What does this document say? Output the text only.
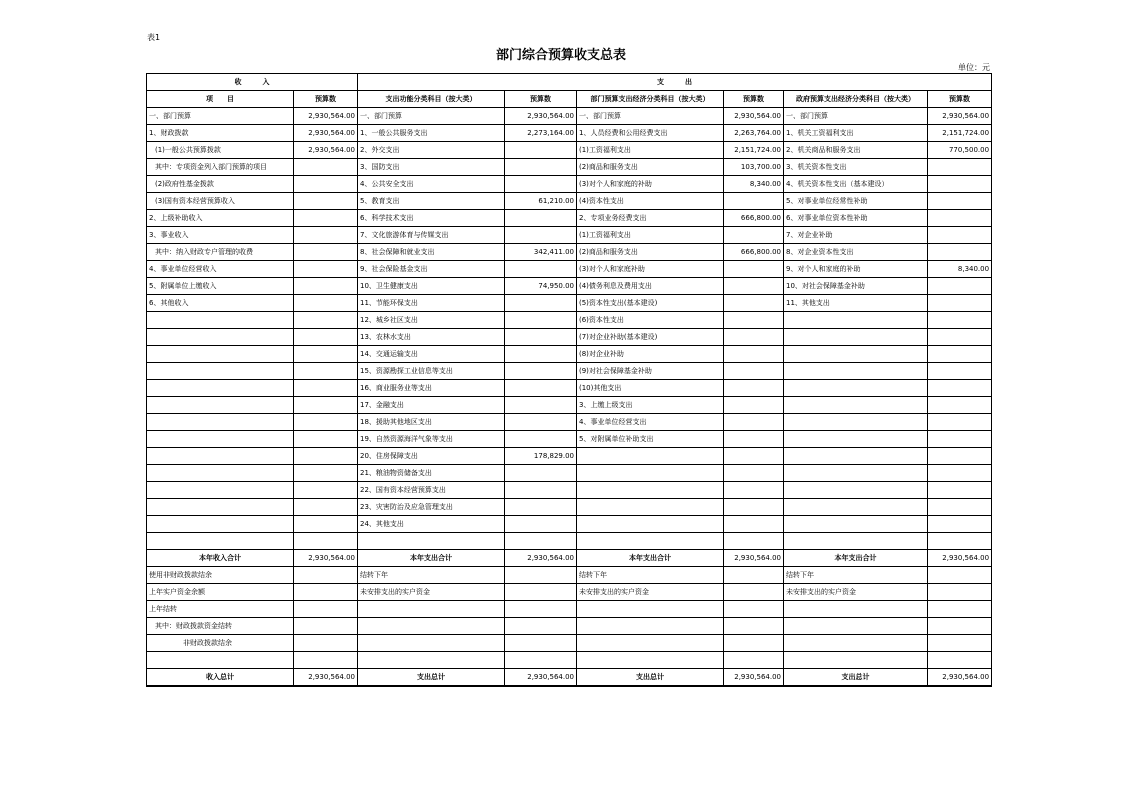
表1
部门综合预算收支总表
单位：元
收　　　入		支　　　出					
项　　目	预算数	支出功能分类科目（按大类）	预算数	部门预算支出经济分类科目（按大类）	预算数	政府预算支出经济分类科目（按大类）	预算数
一、部门预算	2,930,564.00	一、部门预算	2,930,564.00	一、部门预算	2,930,564.00	一、部门预算	2,930,564.00
1、财政拨款	2,930,564.00	1、一般公共服务支出	2,273,164.00	1、人员经费和公用经费支出	2,263,764.00	1、机关工资福利支出	2,151,724.00
(1)一般公共预算拨款	2,930,564.00	2、外交支出		(1)工资福利支出	2,151,724.00	2、机关商品和服务支出	770,500.00
其中：专项资金列入部门预算的项目		3、国防支出		(2)商品和服务支出	103,700.00	3、机关资本性支出	
(2)政府性基金拨款		4、公共安全支出		(3)对个人和家庭的补助	8,340.00	4、机关资本性支出（基本建设）	
(3)国有资本经营预算收入		5、教育支出	61,210.00	(4)资本性支出		5、对事业单位经常性补助	
2、上级补助收入		6、科学技术支出		2、专项业务经费支出	666,800.00	6、对事业单位资本性补助	
3、事业收入		7、文化旅游体育与传媒支出		(1)工资福利支出		7、对企业补助	
其中：纳入财政专户管理的收费		8、社会保障和就业支出	342,411.00	(2)商品和服务支出	666,800.00	8、对企业资本性支出	
4、事业单位经营收入		9、社会保险基金支出		(3)对个人和家庭补助		9、对个人和家庭的补助	8,340.00
5、附属单位上缴收入		10、卫生健康支出	74,950.00	(4)债务利息及费用支出		10、对社会保障基金补助	
6、其他收入		11、节能环保支出		(5)资本性支出(基本建设)		11、其他支出	
		12、城乡社区支出		(6)资本性支出			
		13、农林水支出		(7)对企业补助(基本建设)			
		14、交通运输支出		(8)对企业补助			
		15、资源勘探工业信息等支出		(9)对社会保障基金补助			
		16、商业服务业等支出		(10)其他支出			
		17、金融支出		3、上缴上级支出			
		18、援助其他地区支出		4、事业单位经营支出			
		19、自然资源海洋气象等支出		5、对附属单位补助支出			
		20、住房保障支出	178,829.00				
		21、粮油物资储备支出					
		22、国有资本经营预算支出					
		23、灾害防治及应急管理支出					
		24、其他支出					

本年收入合计	2,930,564.00	本年支出合计	2,930,564.00	本年支出合计	2,930,564.00	本年支出合计	2,930,564.00
使用非财政拨款结余		结转下年		结转下年		结转下年	
上年实户资金余额		未安排支出的实户资金		未安排支出的实户资金		未安排支出的实户资金	
上年结转							
其中：财政拨款资金结转							
非财政拨款结余							

收入总计	2,930,564.00	支出总计	2,930,564.00	支出总计	2,930,564.00	支出总计	2,930,564.00
